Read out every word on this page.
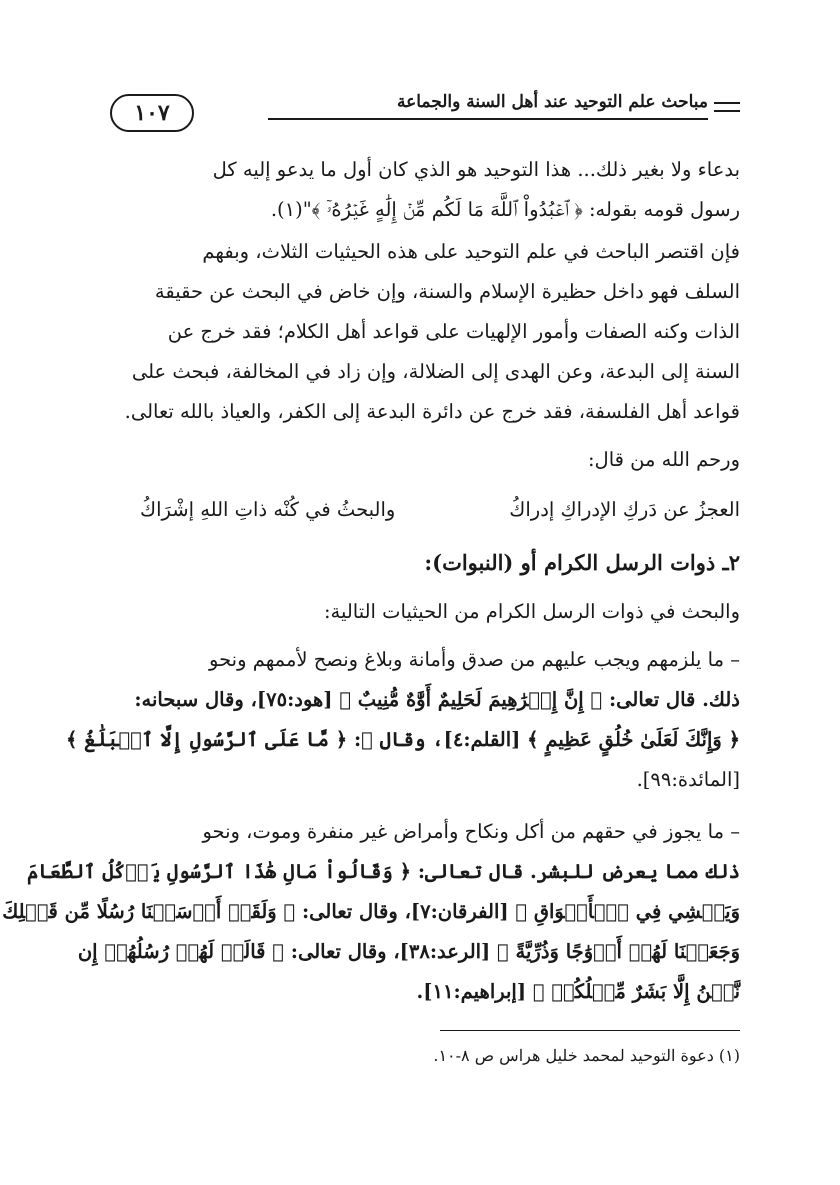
مباحث علم التوحيد عند أهل السنة والجماعة
١٠٧
بدعاء ولا بغير ذلك... هذا التوحيد هو الذي كان أول ما يدعو إليه كل
رسول قومه بقوله: ﴿ ٱعۡبُدُواْ ٱللَّهَ مَا لَكُم مِّنۡ إِلَٰهٍ غَيۡرُهُۥٓ ﴾"(١).
فإن اقتصر الباحث في علم التوحيد على هذه الحيثيات الثلاث، وبفهم
السلف فهو داخل حظيرة الإسلام والسنة، وإن خاض في البحث عن حقيقة
الذات وكنه الصفات وأمور الإلهيات على قواعد أهل الكلام؛ فقد خرج عن
السنة إلى البدعة، وعن الهدى إلى الضلالة، وإن زاد في المخالفة، فبحث على
قواعد أهل الفلسفة، فقد خرج عن دائرة البدعة إلى الكفر، والعياذ بالله تعالى.
ورحم الله من قال:
العجزُ عن دَركِ الإدراكِ إدراكُ
والبحثُ في كُنْه ذاتِ اللهِ إشْرَاكُ
٢ـ ذوات الرسل الكرام أو (النبوات):
والبحث في ذوات الرسل الكرام من الحيثيات التالية:
– ما يلزمهم ويجب عليهم من صدق وأمانة وبلاغ ونصح لأممهم ونحو
ذلك. قال تعالى: ﴿ إِنَّ إِبۡرَٰهِيمَ لَحَلِيمٌ أَوَّٰهٌ مُّنِيبٌ ﴾ [هود:٧٥]، وقال سبحانه:
﴿ وَإِنَّكَ لَعَلَىٰ خُلُقٍ عَظِيمٍ ﴾ [القلم:٤]، وقال ﷻ: ﴿ مَّا عَلَى ٱلرَّسُولِ إِلَّا ٱلۡبَلَٰغُ ﴾
[المائدة:٩٩].
– ما يجوز في حقهم من أكل ونكاح وأمراض غير منفرة وموت، ونحو
ذلك مما يعرض للبشر. قال تعالى: ﴿ وَقَالُواْ مَالِ هَٰذَا ٱلرَّسُولِ يَأۡكُلُ ٱلطَّعَامَ
وَيَمۡشِي فِي ٱلۡأَسۡوَاقِ ﴾ [الفرقان:٧]، وقال تعالى: ﴿ وَلَقَدۡ أَرۡسَلۡنَا رُسُلًا مِّن قَبۡلِكَ
وَجَعَلۡنَا لَهُمۡ أَزۡوَٰجًا وَذُرِّيَّةً ﴾ [الرعد:٣٨]، وقال تعالى: ﴿ قَالَتۡ لَهُمۡ رُسُلُهُمۡ إِن
نَّحۡنُ إِلَّا بَشَرٌ مِّثۡلُكُمۡ ﴾ [إبراهيم:١١].
(١) دعوة التوحيد لمحمد خليل هراس ص ٨-١٠.
